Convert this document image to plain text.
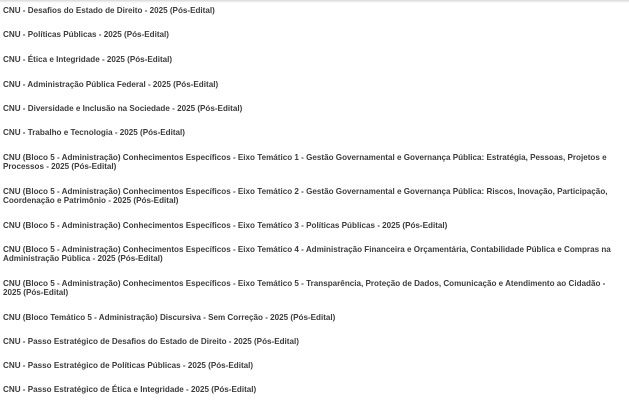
CNU - Desafios do Estado de Direito - 2025 (Pós-Edital)
CNU - Políticas Públicas - 2025 (Pós-Edital)
CNU - Ética e Integridade - 2025 (Pós-Edital)
CNU - Administração Pública Federal - 2025 (Pós-Edital)
CNU - Diversidade e Inclusão na Sociedade - 2025 (Pós-Edital)
CNU - Trabalho e Tecnologia - 2025 (Pós-Edital)
CNU (Bloco 5 - Administração) Conhecimentos Específicos - Eixo Temático 1 - Gestão Governamental e Governança Pública: Estratégia, Pessoas, Projetos e Processos - 2025 (Pós-Edital)
CNU (Bloco 5 - Administração) Conhecimentos Específicos - Eixo Temático 2 - Gestão Governamental e Governança Pública: Riscos, Inovação, Participação, Coordenação e Patrimônio - 2025 (Pós-Edital)
CNU (Bloco 5 - Administração) Conhecimentos Específicos - Eixo Temático 3 - Políticas Públicas - 2025 (Pós-Edital)
CNU (Bloco 5 - Administração) Conhecimentos Específicos - Eixo Temático 4 - Administração Financeira e Orçamentária, Contabilidade Pública e Compras na Administração Pública - 2025 (Pós-Edital)
CNU (Bloco 5 - Administração) Conhecimentos Específicos - Eixo Temático 5 - Transparência, Proteção de Dados, Comunicação e Atendimento ao Cidadão - 2025 (Pós-Edital)
CNU (Bloco Temático 5 - Administração) Discursiva - Sem Correção - 2025 (Pós-Edital)
CNU - Passo Estratégico de Desafios do Estado de Direito - 2025 (Pós-Edital)
CNU - Passo Estratégico de Políticas Públicas - 2025 (Pós-Edital)
CNU - Passo Estratégico de Ética e Integridade - 2025 (Pós-Edital)
